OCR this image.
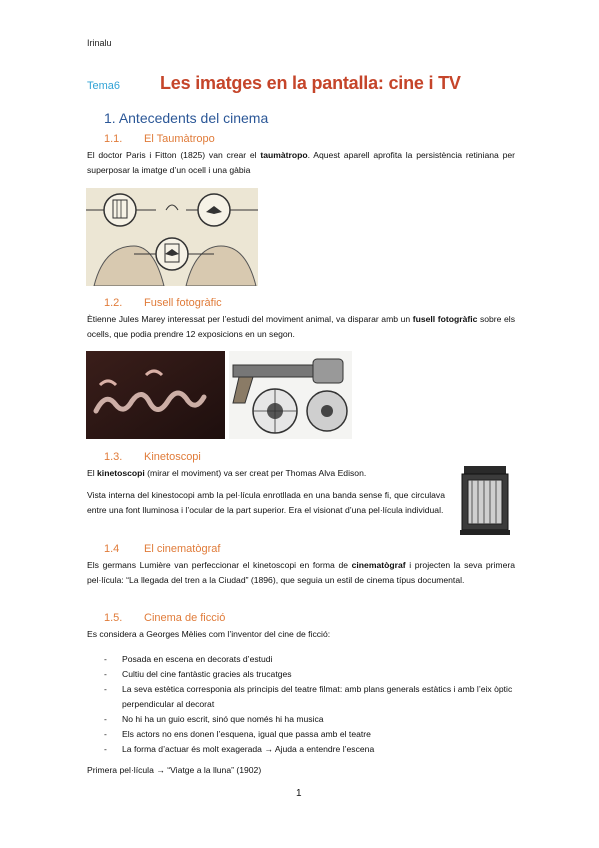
Irinalu
Tema6 Les imatges en la pantalla: cine i TV
1. Antecedents del cinema
1.1. El Taumàtropo
El doctor Paris i Fitton (1825) van crear el taumàtropo. Aquest aparell aprofita la persistència retiniana per superposar la imatge d’un ocell i una gàbia
1.2. Fusell fotogràfic
Ètienne Jules Marey interessat per l’estudi del moviment animal, va disparar amb un fusell fotogràfic sobre els ocells, que podia prendre 12 exposicions en un segon.
1.3. Kinetoscopi
El kinetoscopi (mirar el moviment) va ser creat per Thomas Alva Edison.
Vista interna del kinestocopi amb la pel·lícula enrotllada en una banda sense fi, que circulava entre una font lluminosa i l’ocular de la part superior. Era el visionat d’una pel·lícula individual.
1.4 El cinematògraf
Els germans Lumière van perfeccionar el kinetoscopi en forma de cinematògraf i projecten la seva primera pel·lícula: “La llegada del tren a la Ciudad” (1896), que seguia un estil de cinema típus documental.
1.5. Cinema de ficció
Es considera a Georges Mèlies com l’inventor del cine de ficció:
- Posada en escena en decorats d’estudi
- Cultiu del cine fantàstic gracies als trucatges
- La seva estètica corresponia als principis del teatre filmat: amb plans generals estàtics i amb l’eix òptic perpendicular al decorat
- No hi ha un guio escrit, sinó que només hi ha musica
- Els actors no ens donen l’esquena, igual que passa amb el teatre
- La forma d’actuar és molt exagerada → Ajuda a entendre l’escena
Primera pel·lícula → “Viatge a la lluna” (1902)
1
